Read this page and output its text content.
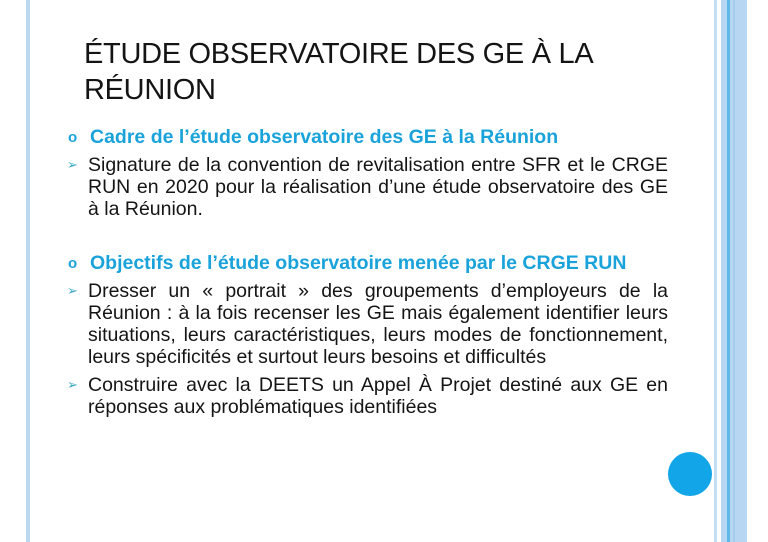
ÉTUDE OBSERVATOIRE DES GE À LA RÉUNION
o Cadre de l’étude observatoire des GE à la Réunion
➢ Signature de la convention de revitalisation entre SFR et le CRGE RUN en 2020 pour la réalisation d’une étude observatoire des GE à la Réunion.
o Objectifs de l’étude observatoire menée par le CRGE RUN
➢ Dresser un « portrait » des groupements d’employeurs de la Réunion : à la fois recenser les GE mais également identifier leurs situations, leurs caractéristiques, leurs modes de fonctionnement, leurs spécificités et surtout leurs besoins et difficultés
➢ Construire avec la DEETS un Appel À Projet destiné aux GE en réponses aux problématiques identifiées
